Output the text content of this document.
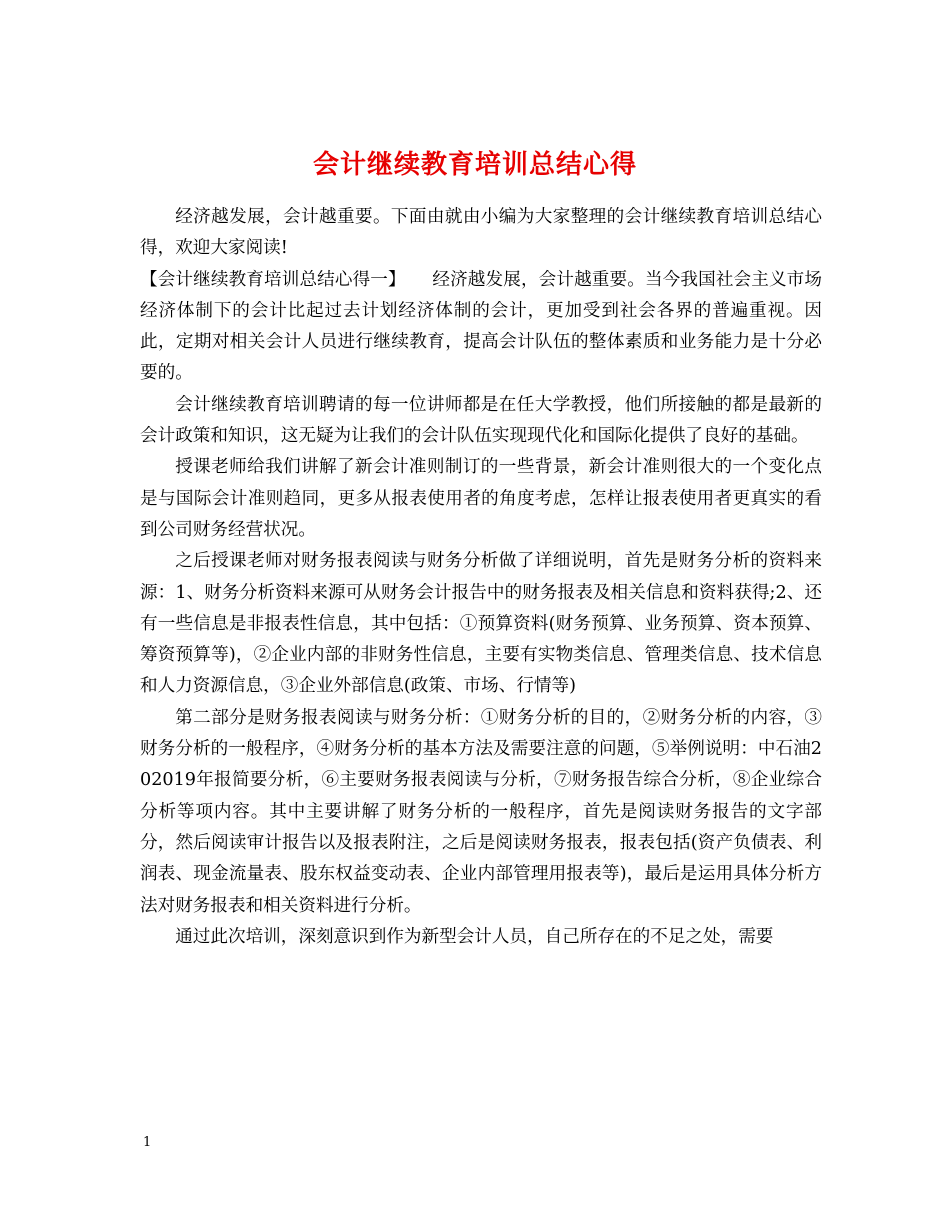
会计继续教育培训总结心得

经济越发展，会计越重要。下面由就由小编为大家整理的会计继续教育培训总结心得，欢迎大家阅读!

【会计继续教育培训总结心得一】　　经济越发展，会计越重要。当今我国社会主义市场经济体制下的会计比起过去计划经济体制的会计，更加受到社会各界的普遍重视。因此，定期对相关会计人员进行继续教育，提高会计队伍的整体素质和业务能力是十分必要的。

会计继续教育培训聘请的每一位讲师都是在任大学教授，他们所接触的都是最新的会计政策和知识，这无疑为让我们的会计队伍实现现代化和国际化提供了良好的基础。

授课老师给我们讲解了新会计准则制订的一些背景，新会计准则很大的一个变化点是与国际会计准则趋同，更多从报表使用者的角度考虑，怎样让报表使用者更真实的看到公司财务经营状况。

之后授课老师对财务报表阅读与财务分析做了详细说明，首先是财务分析的资料来源：1、财务分析资料来源可从财务会计报告中的财务报表及相关信息和资料获得;2、还有一些信息是非报表性信息，其中包括：①预算资料(财务预算、业务预算、资本预算、筹资预算等)，②企业内部的非财务性信息，主要有实物类信息、管理类信息、技术信息和人力资源信息，③企业外部信息(政策、市场、行情等)

第二部分是财务报表阅读与财务分析：①财务分析的目的，②财务分析的内容，③财务分析的一般程序，④财务分析的基本方法及需要注意的问题，⑤举例说明：中石油202019年报简要分析，⑥主要财务报表阅读与分析，⑦财务报告综合分析，⑧企业综合分析等项内容。其中主要讲解了财务分析的一般程序，首先是阅读财务报告的文字部分，然后阅读审计报告以及报表附注，之后是阅读财务报表，报表包括(资产负债表、利润表、现金流量表、股东权益变动表、企业内部管理用报表等)，最后是运用具体分析方法对财务报表和相关资料进行分析。

通过此次培训，深刻意识到作为新型会计人员，自己所存在的不足之处，需要

1
